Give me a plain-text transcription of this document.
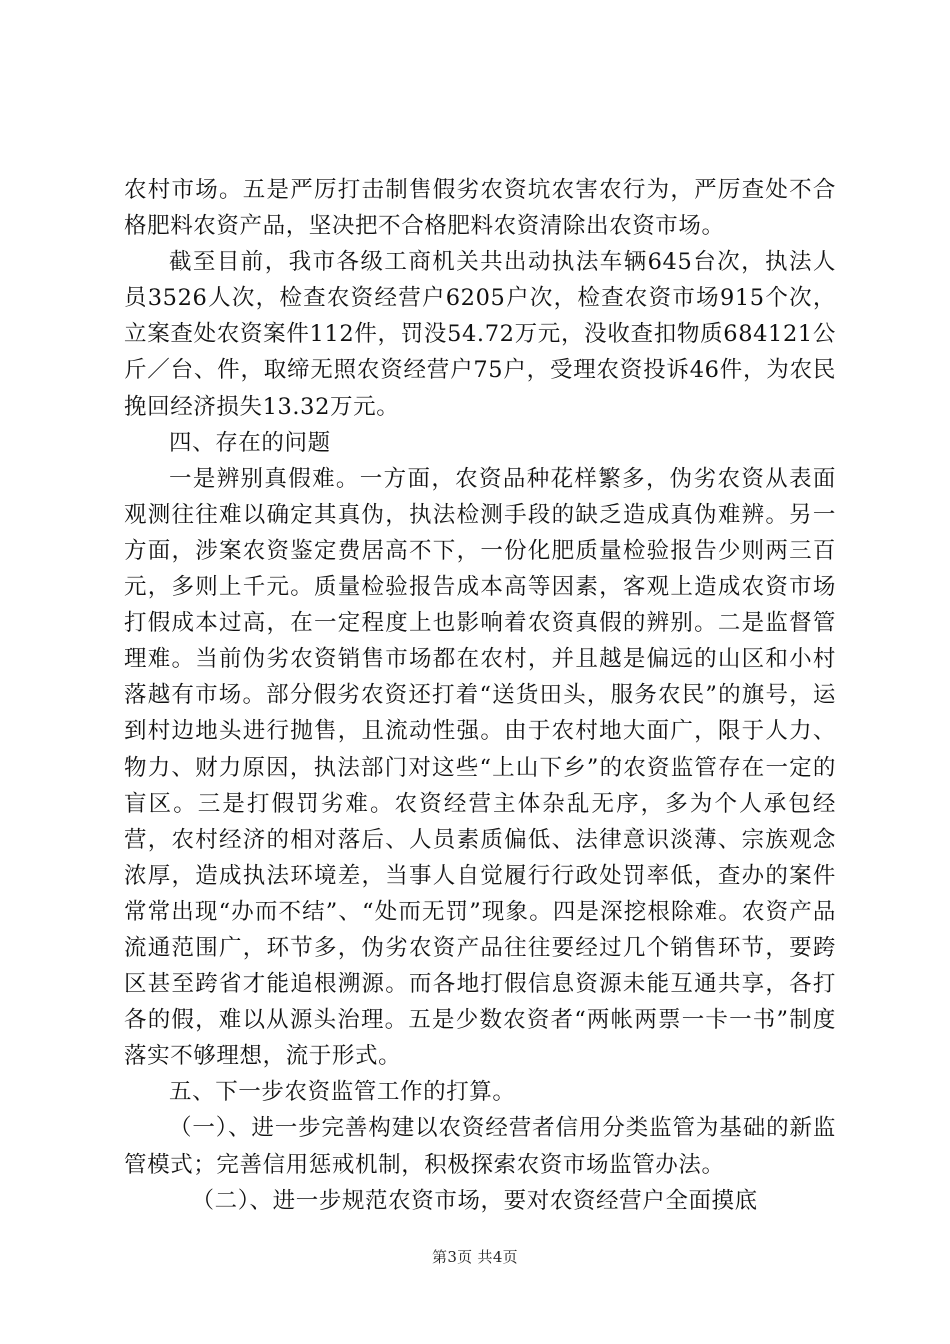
农村市场。五是严厉打击制售假劣农资坑农害农行为，严厉查处不合格肥料农资产品，坚决把不合格肥料农资清除出农资市场。

截至目前，我市各级工商机关共出动执法车辆645台次，执法人员3526人次，检查农资经营户6205户次，检查农资市场915个次，立案查处农资案件112件，罚没54.72万元，没收查扣物质684121公斤／台、件，取缔无照农资经营户75户，受理农资投诉46件，为农民挽回经济损失13.32万元。

四、存在的问题

一是辨别真假难。一方面，农资品种花样繁多，伪劣农资从表面观测往往难以确定其真伪，执法检测手段的缺乏造成真伪难辨。另一方面，涉案农资鉴定费居高不下，一份化肥质量检验报告少则两三百元，多则上千元。质量检验报告成本高等因素，客观上造成农资市场打假成本过高，在一定程度上也影响着农资真假的辨别。二是监督管理难。当前伪劣农资销售市场都在农村，并且越是偏远的山区和小村落越有市场。部分假劣农资还打着“送货田头，服务农民”的旗号，运到村边地头进行抛售，且流动性强。由于农村地大面广，限于人力、物力、财力原因，执法部门对这些“上山下乡”的农资监管存在一定的盲区。三是打假罚劣难。农资经营主体杂乱无序，多为个人承包经营，农村经济的相对落后、人员素质偏低、法律意识淡薄、宗族观念浓厚，造成执法环境差，当事人自觉履行行政处罚率低，查办的案件常常出现“办而不结”、“处而无罚”现象。四是深挖根除难。农资产品流通范围广，环节多，伪劣农资产品往往要经过几个销售环节，要跨区甚至跨省才能追根溯源。而各地打假信息资源未能互通共享，各打各的假，难以从源头治理。五是少数农资者“两帐两票一卡一书”制度落实不够理想，流于形式。

五、下一步农资监管工作的打算。

（一）、进一步完善构建以农资经营者信用分类监管为基础的新监管模式；完善信用惩戒机制，积极探索农资市场监管办法。

（二）、进一步规范农资市场，要对农资经营户全面摸底

第3页 共4页
